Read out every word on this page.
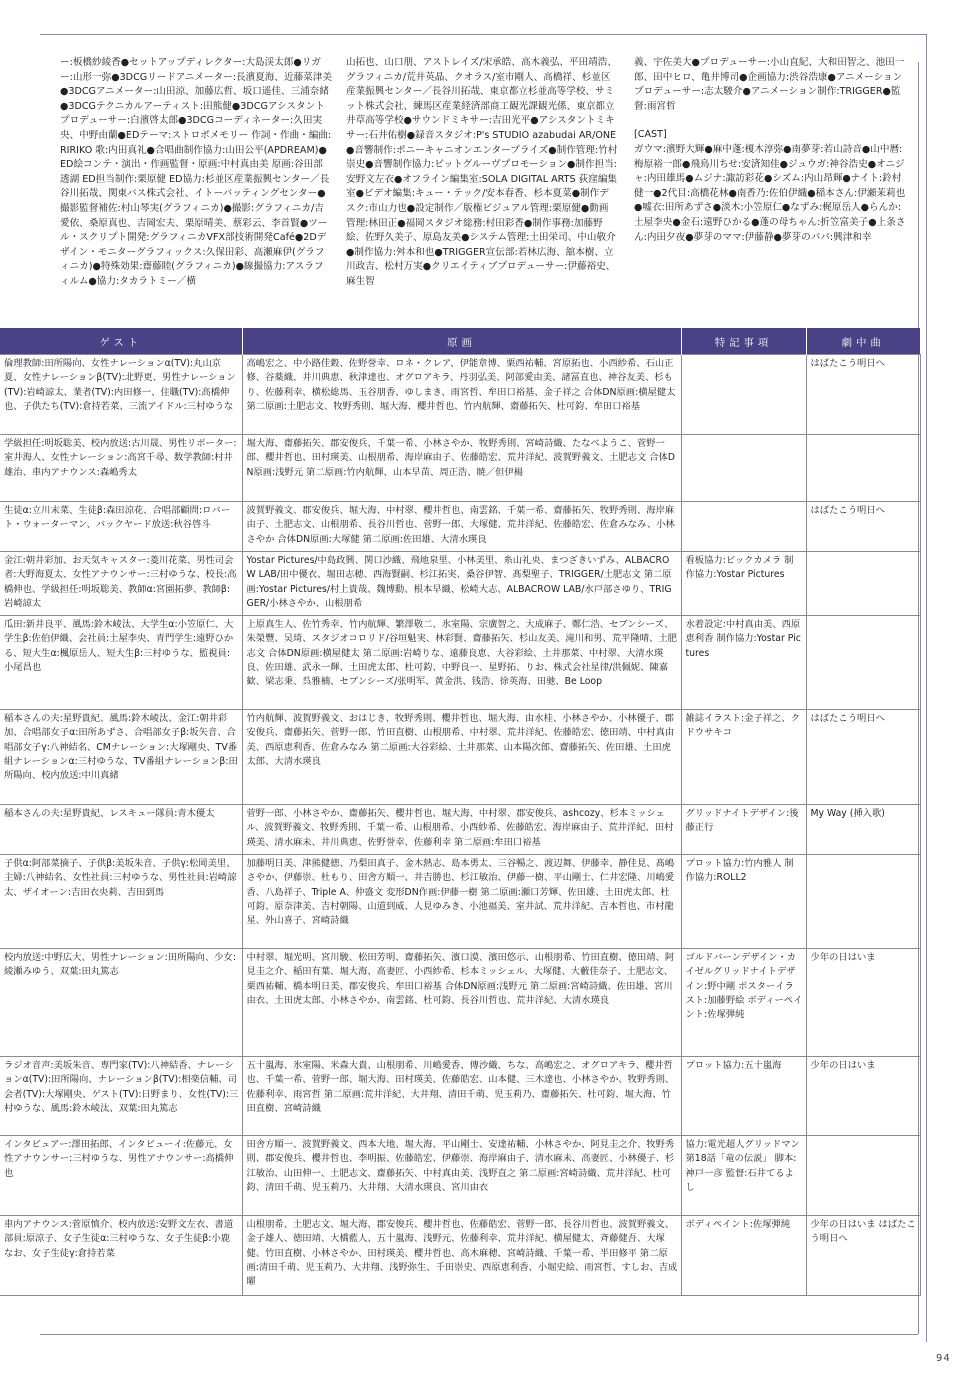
ー:板橋紗綾香●セットアップディレクター:大島渓太郎●リガー:山形一弥●3DCGリードアニメーター:長濱夏海、近藤菜津美●3DCGアニメーター:山田涼、加藤広哲、坂口遥佳、三浦奈緒●3DCGテクニカルアーティスト:田熊健●3DCGアシスタントプロデューサー:白濱啓太郎●3DCGコーディネーター:久田実央、中野由蘭●EDテーマ:ストロボメモリー 作詞・作曲・編曲:RIRIKO 歌:内田真礼●合唱曲制作協力:山田公平(APDREAM)●ED絵コンテ・演出・作画監督・原画:中村真由美 原画:谷田部透湖 ED担当制作:栗原健 ED協力:杉並区産業振興センター／長谷川拓哉、関東バス株式会社、イトーバッティングセンター●撮影監督補佐:村山琴実(グラフィニカ)●撮影:グラフィニカ/吉愛依、桑原真也、吉岡宏夫、栗原晴美、蔡彩云、李首賢●ツール・スクリプト開発:グラフィニカVFX部技術開発Café●2Dデザイン・モニターグラフィックス:久保田彩、高瀬麻伊(グラフィニカ)●特殊効果:齋藤睦(グラフィニカ)●線撮協力:アスラフィルム●協力:タカラトミー／横

山拓也、山口朋、アストレイズ/宋承皓、高木義弘、平田靖浩、グラフィニカ/荒井英晶、クオラス/室市剛人、高橋祥、杉並区産業振興センター／長谷川拓哉、東京都立杉並高等学校、サミット株式会社、練馬区産業経済部商工観光課観光係、東京都立井草高等学校●サウンドミキサー:吉田光平●アシスタントミキサー:石井佑樹●録音スタジオ:P's STUDIO azabudai AR/ONE●音響制作:ポニーキャニオンエンタープライズ●制作管理:竹村崇史●音響制作協力:ビットグルーヴプロモーション●制作担当:安野文左衣●オフライン編集室:SOLA DIGITAL ARTS 荻窪編集室●ビデオ編集:キュー・テック/安本春香、杉本夏菜●制作デスク:市山力也●設定制作／版権ビジュアル管理:栗原健●動画管理:林田正●福岡スタジオ総務:村田彩香●制作事務:加藤野絵、佐野久美子、原島友美●システム管理:土田栄司、中山敬介●制作協力:舛本和也●TRIGGER宣伝部:若林広海、舘本樹、立川政吉、松村万実●クリエイティブプロデューサー:伊藤裕史、麻生智

義、宇佐美大●プロデューサー:小山直紀、大和田智之、池田一郎、田中ヒロ、亀井博司●企画協力:渋谷浩康●アニメーションプロデューサー:志太駿介●アニメーション制作:TRIGGER●監督:雨宮哲

[CAST]

ガウマ:濱野大輝●麻中蓬:榎木淳弥●南夢芽:若山詩音●山中暦:梅原裕一郎●飛鳥川ちせ:安済知佳●ジュウガ:神谷浩史●オニジャ:内田雄馬●ムジナ:諏訪彩花●シズム:内山昂輝●ナイト:鈴村健一●2代目:高橋花林●南香乃:佐伯伊織●稲本さん:伊瀬茉莉也●嘘衣:田所あずさ●淡木:小笠原仁●なずみ:梶原岳人●らんか:土屋李央●金石:遠野ひかる●蓬の母ちゃん:折笠富美子●上条さん:内田夕夜●夢芽のママ:伊藤静●夢芽のパパ:興津和幸

ゲスト	原画	特記事項	劇中曲
倫理教師:田所陽向、女性ナレーションα(TV):丸山京夏、女性ナレーションβ(TV):北野更、男性ナレーション(TV):岩崎諒太、業者(TV):内田修一、住職(TV):高橋伸也、子供たち(TV):倉持若菜、三流アイドル:三村ゆうな	高嶋宏之、中小路佳穀、佐野誉幸、ロネ・クレア、伊能章博、栗西祐輔、宮原拓也、小西紗希、石山正修、谷薬織、井川典恵、秋津達也、オグロアキラ、丹羽弘美、阿部愛由美、諸冨直也、神谷友美、杉もり、佐藤利幸、横松総馬、玉谷朋香、ゆしまき、雨宮哲、牟田口裕基、金子祥之 合体DN原画:横屋健太 第二原画:土肥志文、牧野秀則、堀大海、櫻井哲也、竹内航輝、齋藤拓矢、杜可鈞、牟田口裕基		はばたこう明日へ
学級担任:明坂聡美、校内放送:古川晟、男性リポーター:室井海人、女性ナレーション:高宮千尋、数学教師:村井雄治、車内アナウンス:森嶋秀太	堀大海、齋藤拓矢、郡安俊兵、千葉一希、小林さやか、牧野秀則、宮崎詩織、たなべようこ、菅野一郎、櫻井哲也、田村瑛美、山根朋希、海岸麻由子、佐藤皓宏、荒井洋紀、波賀野義文、土肥志文 合体DN原画:浅野元 第二原画:竹内航輝、山本早苗、周正浩、暁／但伊楊		
生徒α:立川末菜、生徒β:森田涼花、合唱部顧問:ロバート・ウォーターマン、バックヤード放送:秋谷啓斗	波賀野義文、郡安俊兵、堀大海、中村翠、櫻井哲也、南雲銘、千葉一希、齋藤拓矢、牧野秀則、海岸麻由子、土肥志文、山根朋希、長谷川哲也、菅野一郎、大塚健、荒井洋紀、佐藤皓宏、佐倉みなみ、小林さやか 合体DN原画:大塚健 第二原画:佐田雄、大清水瑛良		はばたこう明日へ
金江:朝井彩加、お天気キャスター:菱川花菜、男性司会者:大野海夏太、女性アナウンサー:三村ゆうな、校長:高橋伸也、学級担任:明坂聡美、教師α:宮園拓夢、教師β:岩崎諒太	Yostar Pictures/中島政興、関口沙織、飛地泉里、小林美里、糸山礼央、まつざきいずみ、ALBACROW LAB/田中優衣、堀田志穂、西海賢嗣、杉江拓実、桑谷伊智、髙梨聖子、TRIGGER/土肥志文 第二原画:Yostar Pictures/村上貴哉、魏博勳、根本早織、松崎大志、ALBACROW LAB/水戸部さゆり、TRIGGER/小林さやか、山根朋希	看板協力:ビックカメラ 制作協力:Yostar Pictures	
瓜田:新井良平、風馬:鈴木崚汰、大学生α:小笠原仁、大学生β:佐伯伊織、会社員:土屋李央、青門学生:遠野ひかる、短大生α:楓原岳人、短大生β:三村ゆうな、監視員:小尾昌也	上原真生人、佐竹秀幸、竹内航輝、繁澤敬二、氷室陽、宗廣智之、大成麻子、鄭仁浩、セブンシーズ、朱榮豐、吴琦、スタジオコロリド/谷垣魁実、林彩賢、齋藤拓矢、杉山友美、滝川和男、荒平隆晴、土肥志文 合体DN原画:横屋健太 第二原画:岩崎りな、遠藤良恵、大谷彩絵、土井那菜、中村翠、大清水瑛良、佐田雄、武永一輝、土田虎太郎、杜可鈞、中野良一、星野拓、りお、株式会社星律/洪佩妮、陳嘉歓、梁志秉、呉雅楠、セブンシーズ/张明军、黄金洪、钱浩、徐英海、田驰、Be Loop	水着設定:中村真由美、西原恵利香 制作協力:Yostar Pictures	
稲本さんの夫:星野貴紀、風馬:鈴木崚汰、金江:朝井彩加、合唱部女子α:田所あずさ、合唱部女子β:坂矢音、合唱部女子γ:八神結名、CMナレーション:大塚剛央、TV番組ナレーションα:三村ゆうな、TV番組ナレーションβ:田所陽向、校内放送:中川真緒	竹内航輝、波賀野義文、おはじき、牧野秀則、櫻井哲也、堀大海、由水桂、小林さやか、小林優子、郡安俊兵、齋藤拓矢、菅野一郎、竹田直樹、山根朋希、中村翠、荒井洋紀、佐藤皓宏、徳田靖、中村真由美、西原恵利香、佐倉みなみ 第二原画:大谷彩絵、土井那菜、山本陽次郎、齋藤拓矢、佐田雄、土田虎太郎、大清水瑛良	雑誌イラスト:金子祥之、クドウサキコ	はばたこう明日へ
稲本さんの夫:星野貴紀、レスキュー隊員:青木優太	菅野一郎、小林さやか、齋藤拓矢、櫻井哲也、堀大海、中村翠、郡安俊兵、ashcozy、杉本ミッシェル、波賀野義文、牧野秀則、千葉一希、山根朋希、小西紗希、佐藤皓宏、海岸麻由子、荒井洋紀、田村瑛美、清水麻未、井川典恵、佐野誉幸、佐藤利幸 第二原画:牟田口裕基	グリッドナイトデザイン:後藤正行	My Way (挿入歌)
子供α:阿部菜摘子、子供β:美坂朱音、子供γ:松岡美里、主婦:八神結名、女性社員:三村ゆうな、男性社員:岩崎諒太、ザイオーン:吉田衣央莉、吉田到馬	加藤明日美、津熊健徳、乃梨田真子、金木熱志、島本勇太、三谷暢之、渡辺舞、伊藤幸、静佳見、髙嶋さやか、伊藤崇、杜もり、田舎方順一、井吉勝也、杉江敏治、伊藤一樹、平山剛士、仁井宏隆、川嶋愛香、八島祥子、Triple A、仲盛文 変形DN作画:伊藤一樹 第二原画:瀬口芳輝、佐田雄、土田虎太郎、杜可鈞、原奈津美、吉村朝陽、山道到威、人見ゆみき、小池福美、室井試、荒井洋紀、吉本哲也、市村龍星、外山喜子、宮崎詩織	プロット協力:竹内雅人 制作協力:ROLL2	
校内放送:中野広大、男性ナレーション:田所陽向、少女:綾瀬みゆう、双葉:田丸篤志	中村翠、堀光明、宮川駿、松田芳明、齋藤拓矢、濱口漠、濱田悠示、山根朋希、竹田直樹、徳田靖、阿見圭之介、稲田有葉、堀大海、高妻匠、小西紗希、杉本ミッシェル、大塚健、大藪佳奈子、土肥志文、栗西祐輔、橋本明日美、郡安俊兵、牟田口裕基 合体DN原画:浅野元 第二原画:宮崎詩織、佐田雄、宮川由衣、土田虎太郎、小林さやか、南雲銘、杜可鈞、長谷川哲也、荒井洋紀、大清水瑛良	ゴルドバーンデザイン・カイゼルグリッドナイトデザイン:野中剛 ポスターイラスト:加藤野絵 ボディーペイント:佐塚弾純	少年の日はいま
ラジオ音声:美坂朱音、専門家(TV):八神結香、ナレーションα(TV):田所陽向、ナレーションβ(TV):相楽信輔、司会者(TV):大塚剛央、ゲスト(TV):日野まり、女性(TV):三村ゆうな、風馬:鈴木崚汰、双葉:田丸篤志	五十嵐海、氷室陽、米森大貴、山根朋希、川嶋愛香、傳沙織、ちな、高嶋宏之、オグロアキラ、櫻井哲也、千葉一希、菅野一郎、堀大海、田村瑛美、佐藤皓宏、山本健、三木達也、小林さやか、牧野秀則、佐藤利幸、雨宮哲 第二原画:荒井洋紀、大井翔、清田千萌、児玉莉乃、齋藤拓矢、杜可鈞、堀大海、竹田直樹、宮崎詩織	プロット協力:五十嵐海	少年の日はいま
インタビュアー:澤田拓郎、インタビューイ:佐藤元、女性アナウンサー:三村ゆうな、男性アナウンサー:高橋伸也	田舎方順一、波賀野義文、西本大地、堀大海、平山剛士、安達祐輔、小林さやか、阿見圭之介、牧野秀則、郡安俊兵、櫻井哲也、李明振、佐藤皓宏、伊藤崇、海岸麻由子、清水麻未、高妻匠、小林優子、杉江敏治、山田伸一、土肥志文、齋藤拓矢、中村真由美、浅野直之 第二原画:宮崎詩織、荒井洋紀、杜可鈞、清田千萌、児玉莉乃、大井翔、大清水瑛良、宮川由衣	協力:電光超人グリッドマン 第18話「竜の伝説」 脚本:神戸一彦 監督:石井てるよし	
車内アナウンス:菅原慎介、校内放送:安野文左衣、書道部員:原涼子、女子生徒α:三村ゆうな、女子生徒β:小鹿なお、女子生徒γ:倉持若菜	山根朋希、土肥志文、堀大海、郡安俊兵、櫻井哲也、佐藤皓宏、菅野一郎、長谷川哲也、波賀野義文、金子雄人、徳田靖、大橋藍人、五十嵐海、浅野元、佐藤利幸、荒井洋紀、横屋健太、斉藤健吾、大塚健、竹田直樹、小林さやか、田村瑛美、櫻井哲也、高木麻穂、宮崎詩織、千葉一希、半田修平 第二原画:清田千萌、児玉莉乃、大井翔、浅野弥生、千田崇史、西原恵利香、小堀史絵、雨宮哲、すしお、吉成曜	ボディペイント:佐塚弾純	少年の日はいま はばたこう明日へ
94
